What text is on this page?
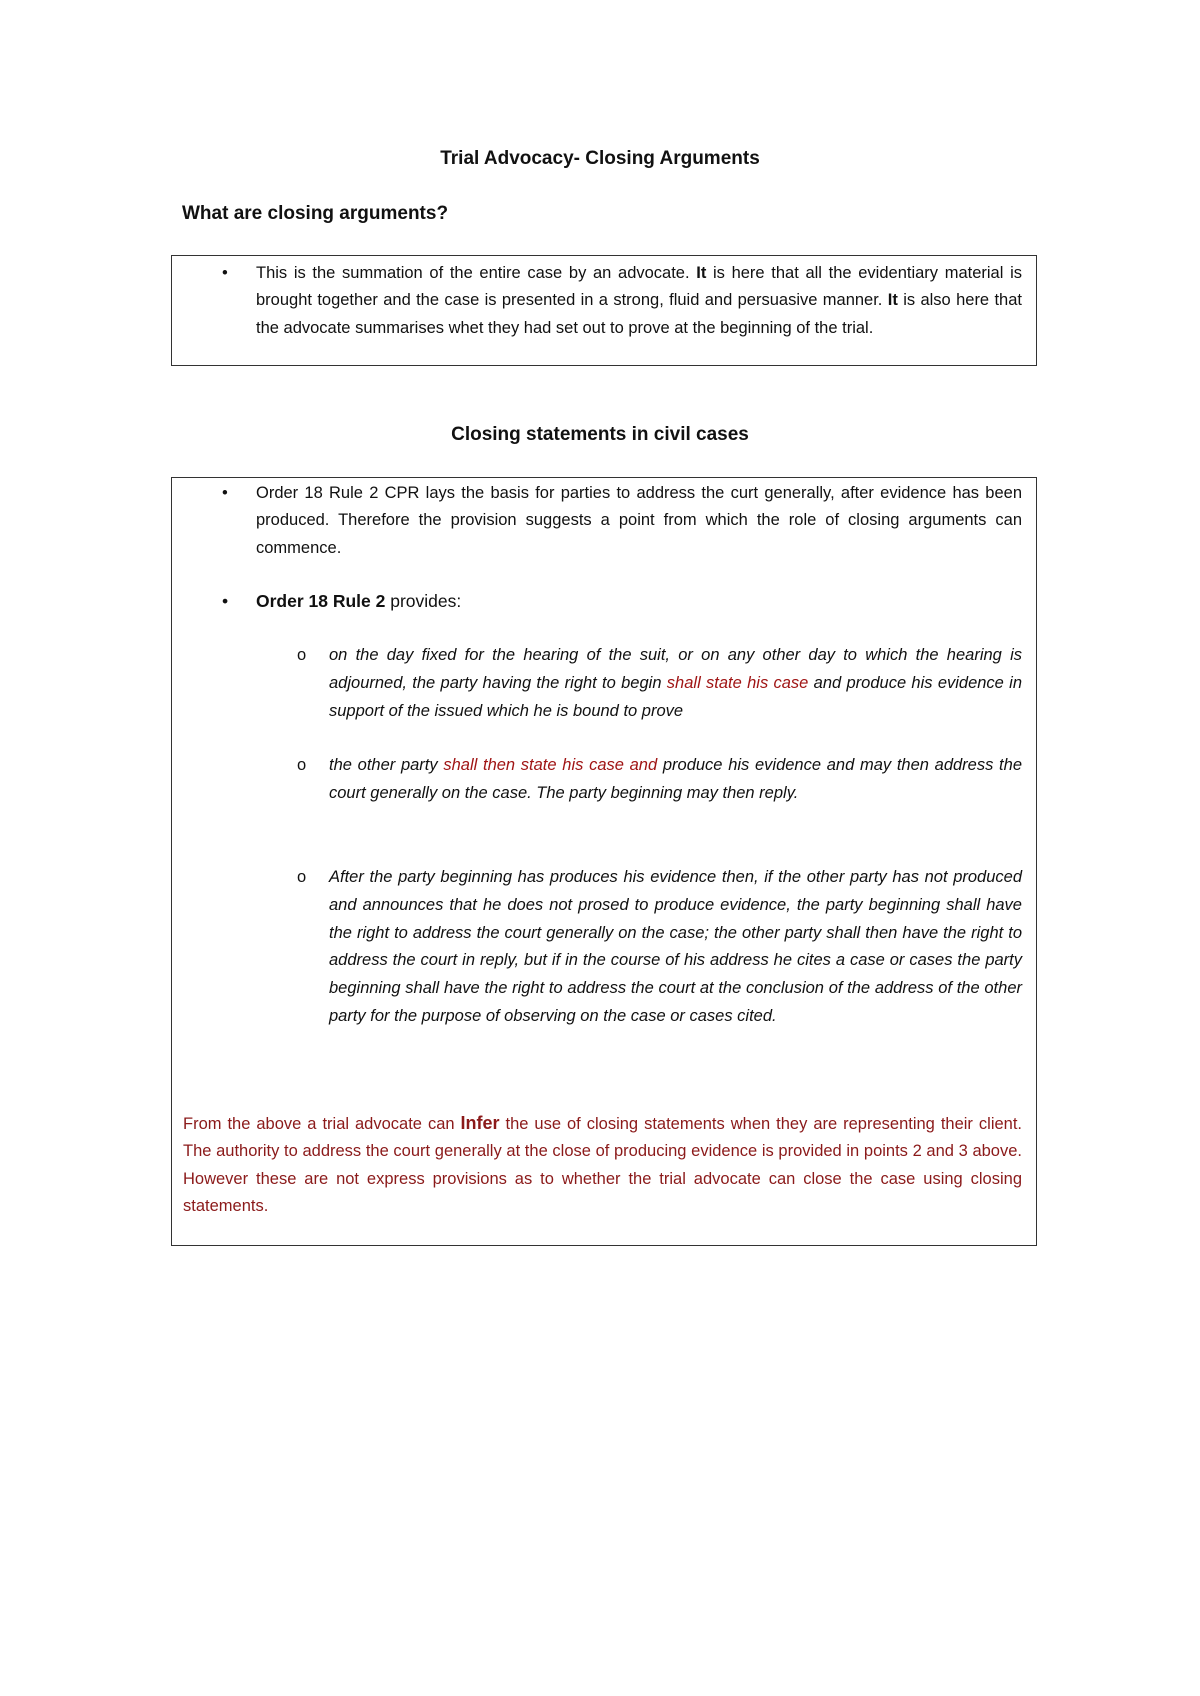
Trial Advocacy- Closing Arguments
What are closing arguments?
• This is the summation of the entire case by an advocate. It is here that all the evidentiary material is brought together and the case is presented in a strong, fluid and persuasive manner. It is also here that the advocate summarises whet they had set out to prove at the beginning of the trial.
Closing statements in civil cases
• Order 18 Rule 2 CPR lays the basis for parties to address the curt generally, after evidence has been produced. Therefore the provision suggests a point from which the role of closing arguments can commence.
• Order 18 Rule 2 provides:
o on the day fixed for the hearing of the suit, or on any other day to which the hearing is adjourned, the party having the right to begin shall state his case and produce his evidence in support of the issued which he is bound to prove
o the other party shall then state his case and produce his evidence and may then address the court generally on the case. The party beginning may then reply.
o After the party beginning has produces his evidence then, if the other party has not produced and announces that he does not prosed to produce evidence, the party beginning shall have the right to address the court generally on the case; the other party shall then have the right to address the court in reply, but if in the course of his address he cites a case or cases the party beginning shall have the right to address the court at the conclusion of the address of the other party for the purpose of observing on the case or cases cited.
From the above a trial advocate can Infer the use of closing statements when they are representing their client. The authority to address the court generally at the close of producing evidence is provided in points 2 and 3 above. However these are not express provisions as to whether the trial advocate can close the case using closing statements.
